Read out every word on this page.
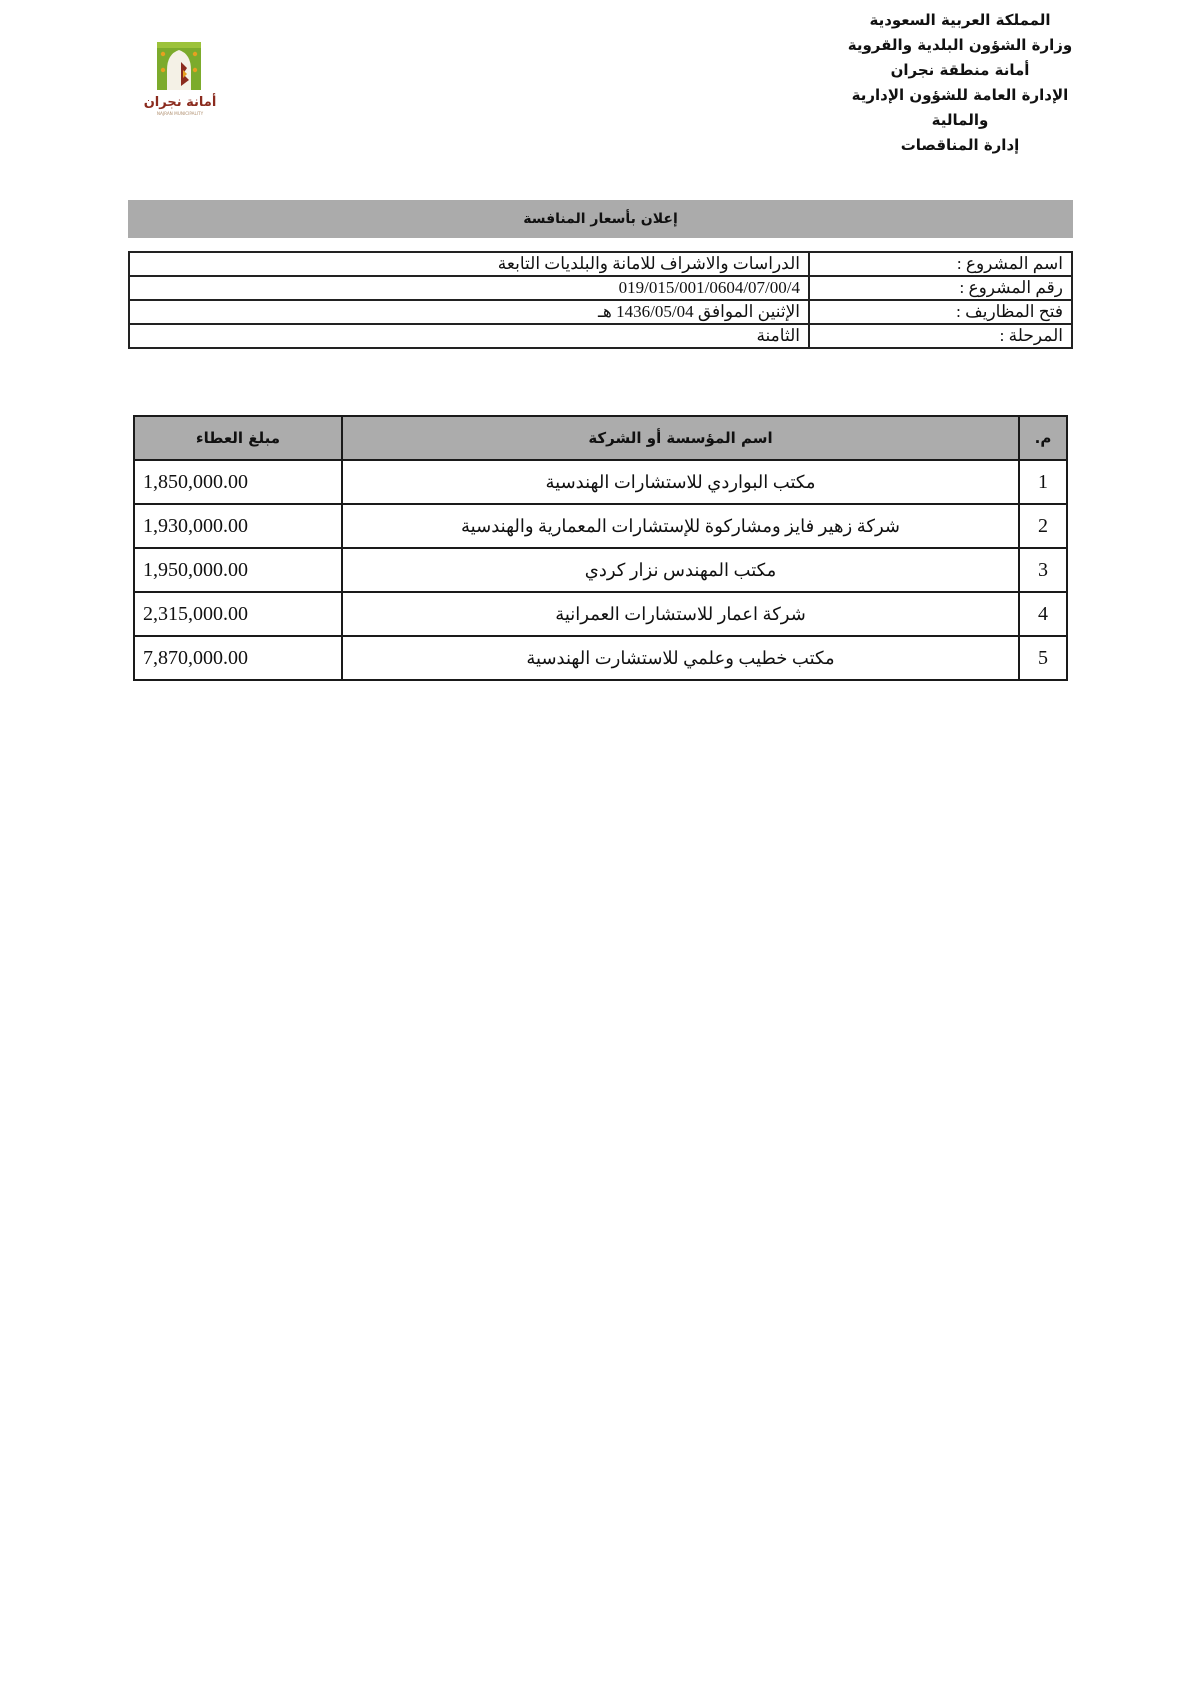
أمانة نجران
NAJRAN MUNICIPALITY
المملكة العربية السعودية
وزارة الشؤون البلدية والقروية
أمانة منطقة نجران
الإدارة العامة للشؤون الإدارية
والمالية
إدارة المناقصات
إعلان بأسعار المنافسة
اسم المشروع :	الدراسات والاشراف للامانة والبلديات التابعة
رقم المشروع :	019/015/001/0604/07/00/4
فتح المظاريف :	الإثنين الموافق 1436/05/04 هـ
المرحلة :	الثامنة
م.	اسم المؤسسة أو الشركة	مبلغ العطاء
1	مكتب البواردي للاستشارات الهندسية	1,850,000.00
2	شركة زهير فايز ومشاركوة للإستشارات المعمارية والهندسية	1,930,000.00
3	مكتب المهندس نزار كردي	1,950,000.00
4	شركة اعمار للاستشارات العمرانية	2,315,000.00
5	مكتب خطيب وعلمي للاستشارت الهندسية	7,870,000.00
